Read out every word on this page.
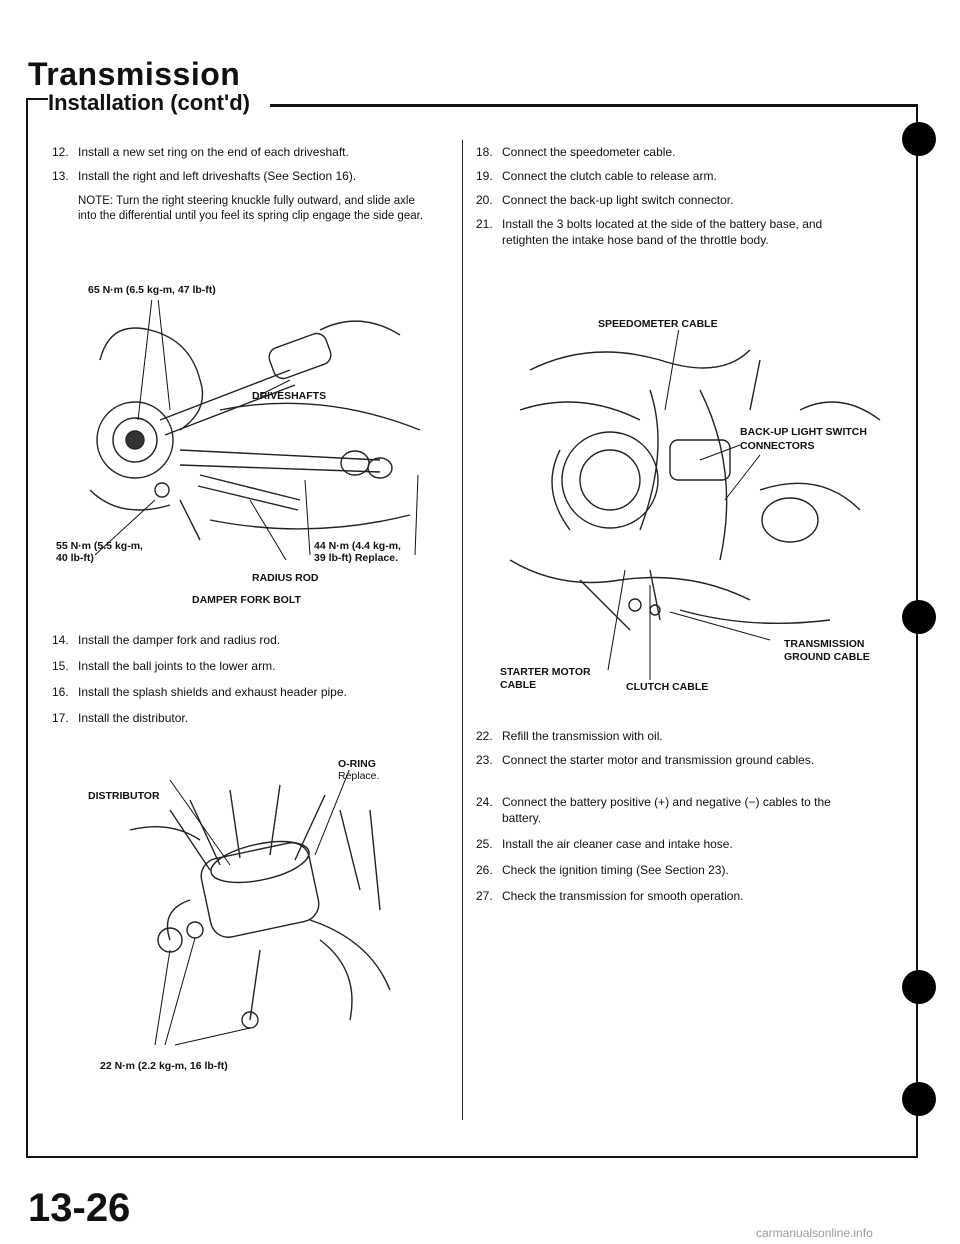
Transmission
Installation (cont'd)
12. Install a new set ring on the end of each driveshaft.
13. Install the right and left driveshafts (See Section 16).
NOTE: Turn the right steering knuckle fully outward, and slide axle into the differential until you feel its spring clip engage the side gear.
65 N·m (6.5 kg-m, 47 lb-ft)
DRIVESHAFTS
55 N·m (5.5 kg-m,
40 lb-ft)
44 N·m (4.4 kg-m,
39 lb-ft) Replace.
RADIUS ROD
DAMPER FORK BOLT
14. Install the damper fork and radius rod.
15. Install the ball joints to the lower arm.
16. Install the splash shields and exhaust header pipe.
17. Install the distributor.
O-RING
Replace.
DISTRIBUTOR
22 N·m (2.2 kg-m, 16 lb-ft)
18. Connect the speedometer cable.
19. Connect the clutch cable to release arm.
20. Connect the back-up light switch connector.
21. Install the 3 bolts located at the side of the battery base, and retighten the intake hose band of the throttle body.
SPEEDOMETER CABLE
BACK-UP LIGHT SWITCH
CONNECTORS
TRANSMISSION
GROUND CABLE
STARTER MOTOR
CABLE	CLUTCH CABLE
22. Refill the transmission with oil.
23. Connect the starter motor and transmission ground cables.
24. Connect the battery positive (+) and negative (−) cables to the battery.
25. Install the air cleaner case and intake hose.
26. Check the ignition timing (See Section 23).
27. Check the transmission for smooth operation.
13-26
carmanualsonline.info
